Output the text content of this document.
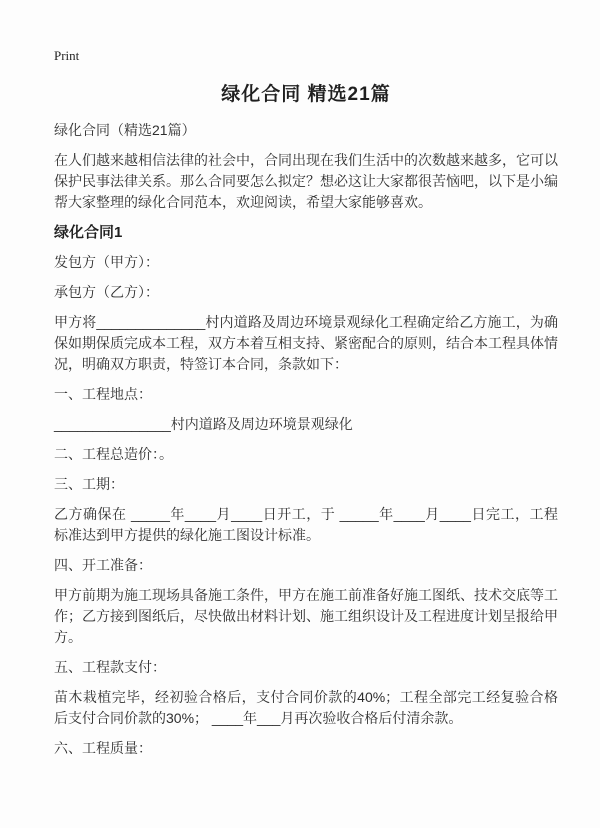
Print
绿化合同 精选21篇

绿化合同（精选21篇）

在人们越来越相信法律的社会中，合同出现在我们生活中的次数越来越多，它可以保护民事法律关系。那么合同要怎么拟定？想必这让大家都很苦恼吧，以下是小编帮大家整理的绿化合同范本，欢迎阅读，希望大家能够喜欢。

绿化合同1

发包方（甲方）：

承包方（乙方）：

甲方将______________村内道路及周边环境景观绿化工程确定给乙方施工，为确保如期保质完成本工程，双方本着互相支持、紧密配合的原则，结合本工程具体情况，明确双方职责，特签订本合同，条款如下：

一、工程地点：

_______________村内道路及周边环境景观绿化

二、工程总造价：。

三、工期：

乙方确保在 _____年____月____日开工，于 _____年____月____日完工，工程标准达到甲方提供的绿化施工图设计标准。

四、开工准备：

甲方前期为施工现场具备施工条件，甲方在施工前准备好施工图纸、技术交底等工作；乙方接到图纸后，尽快做出材料计划、施工组织设计及工程进度计划呈报给甲方。

五、工程款支付：

苗木栽植完毕，经初验合格后，支付合同价款的40%；工程全部完工经复验合格后支付合同价款的30%； ____年___月再次验收合格后付清余款。

六、工程质量：
